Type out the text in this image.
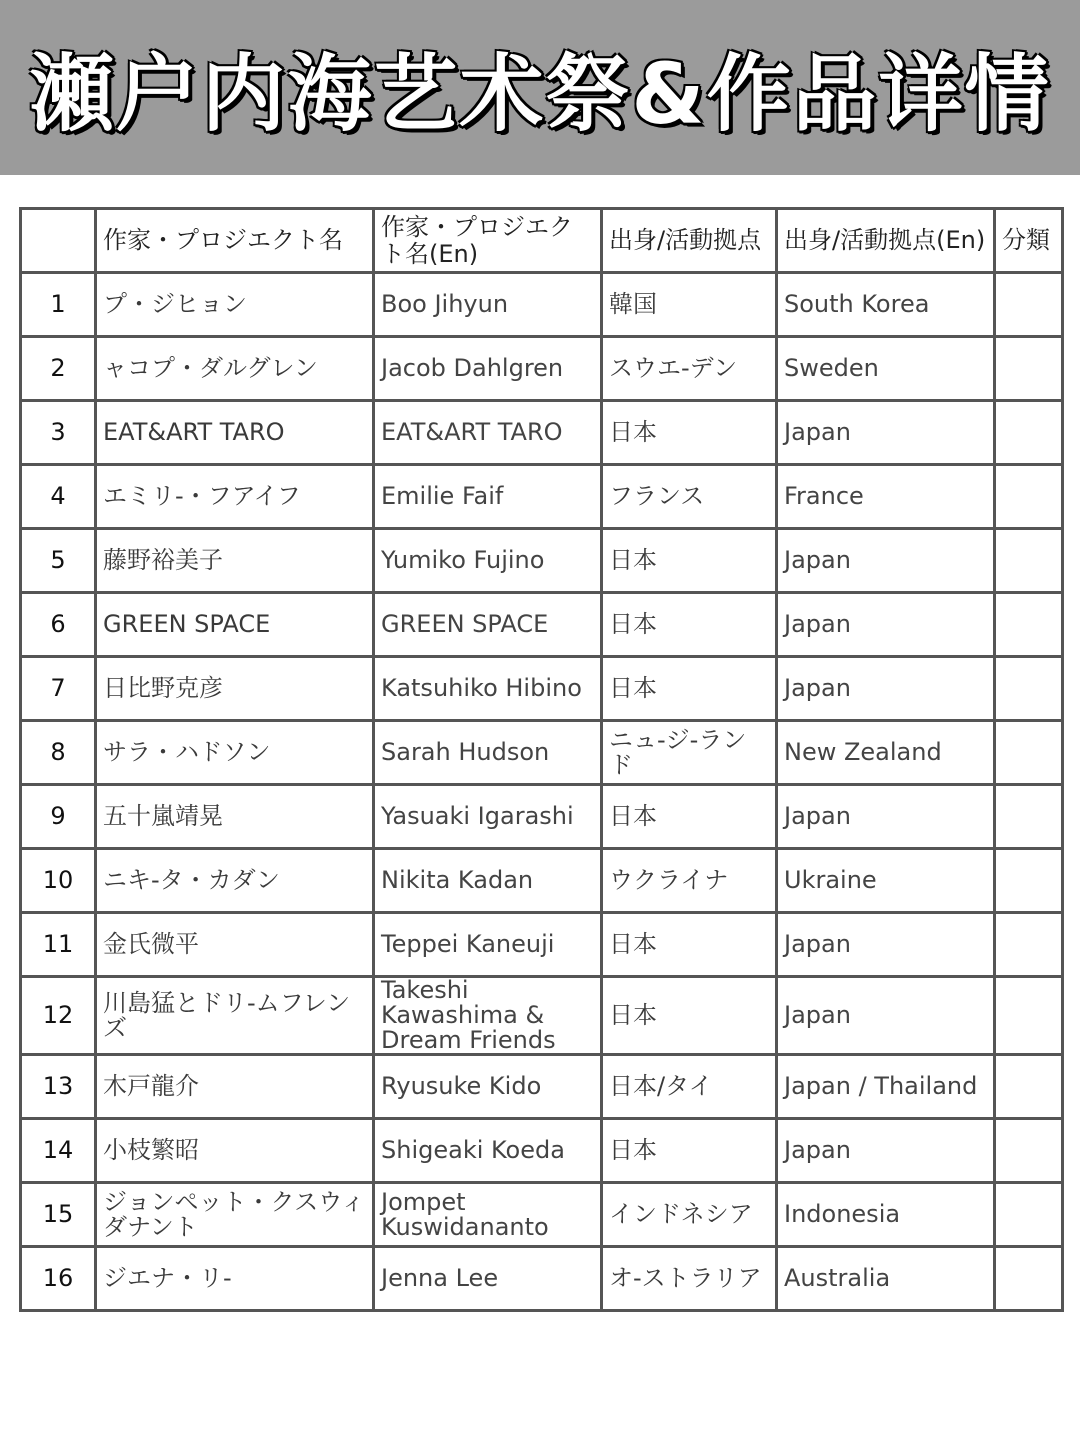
瀬户内海艺术祭&作品详情
	作家・プロジエクト名	作家・プロジエクト名(En)	出身/活動拠点	出身/活動拠点(En)	分類
1	プ・ジヒョン	Boo Jihyun	韓国	South Korea	
2	ャコプ・ダルグレン	Jacob Dahlgren	スウエ-デン	Sweden	
3	EAT&ART TARO	EAT&ART TARO	日本	Japan	
4	エミリ-・フアイフ	Emilie Faif	フランス	France	
5	藤野裕美子	Yumiko Fujino	日本	Japan	
6	GREEN SPACE	GREEN SPACE	日本	Japan	
7	日比野克彦	Katsuhiko Hibino	日本	Japan	
8	サラ・ハドソン	Sarah Hudson	ニュ-ジ-ランド	New Zealand	
9	五十嵐靖晃	Yasuaki Igarashi	日本	Japan	
10	ニキ-タ・カダン	Nikita Kadan	ウクライナ	Ukraine	
11	金氏微平	Teppei Kaneuji	日本	Japan	
12	川島猛とドリ-ムフレンズ	Takeshi Kawashima & Dream Friends	日本	Japan	
13	木戸龍介	Ryusuke Kido	日本/タイ	Japan / Thailand	
14	小枝繁昭	Shigeaki Koeda	日本	Japan	
15	ジョンペット・クスウィダナント	Jompet Kuswidananto	インドネシア	Indonesia	
16	ジエナ・リ-	Jenna Lee	オ-ストラリア	Australia	
